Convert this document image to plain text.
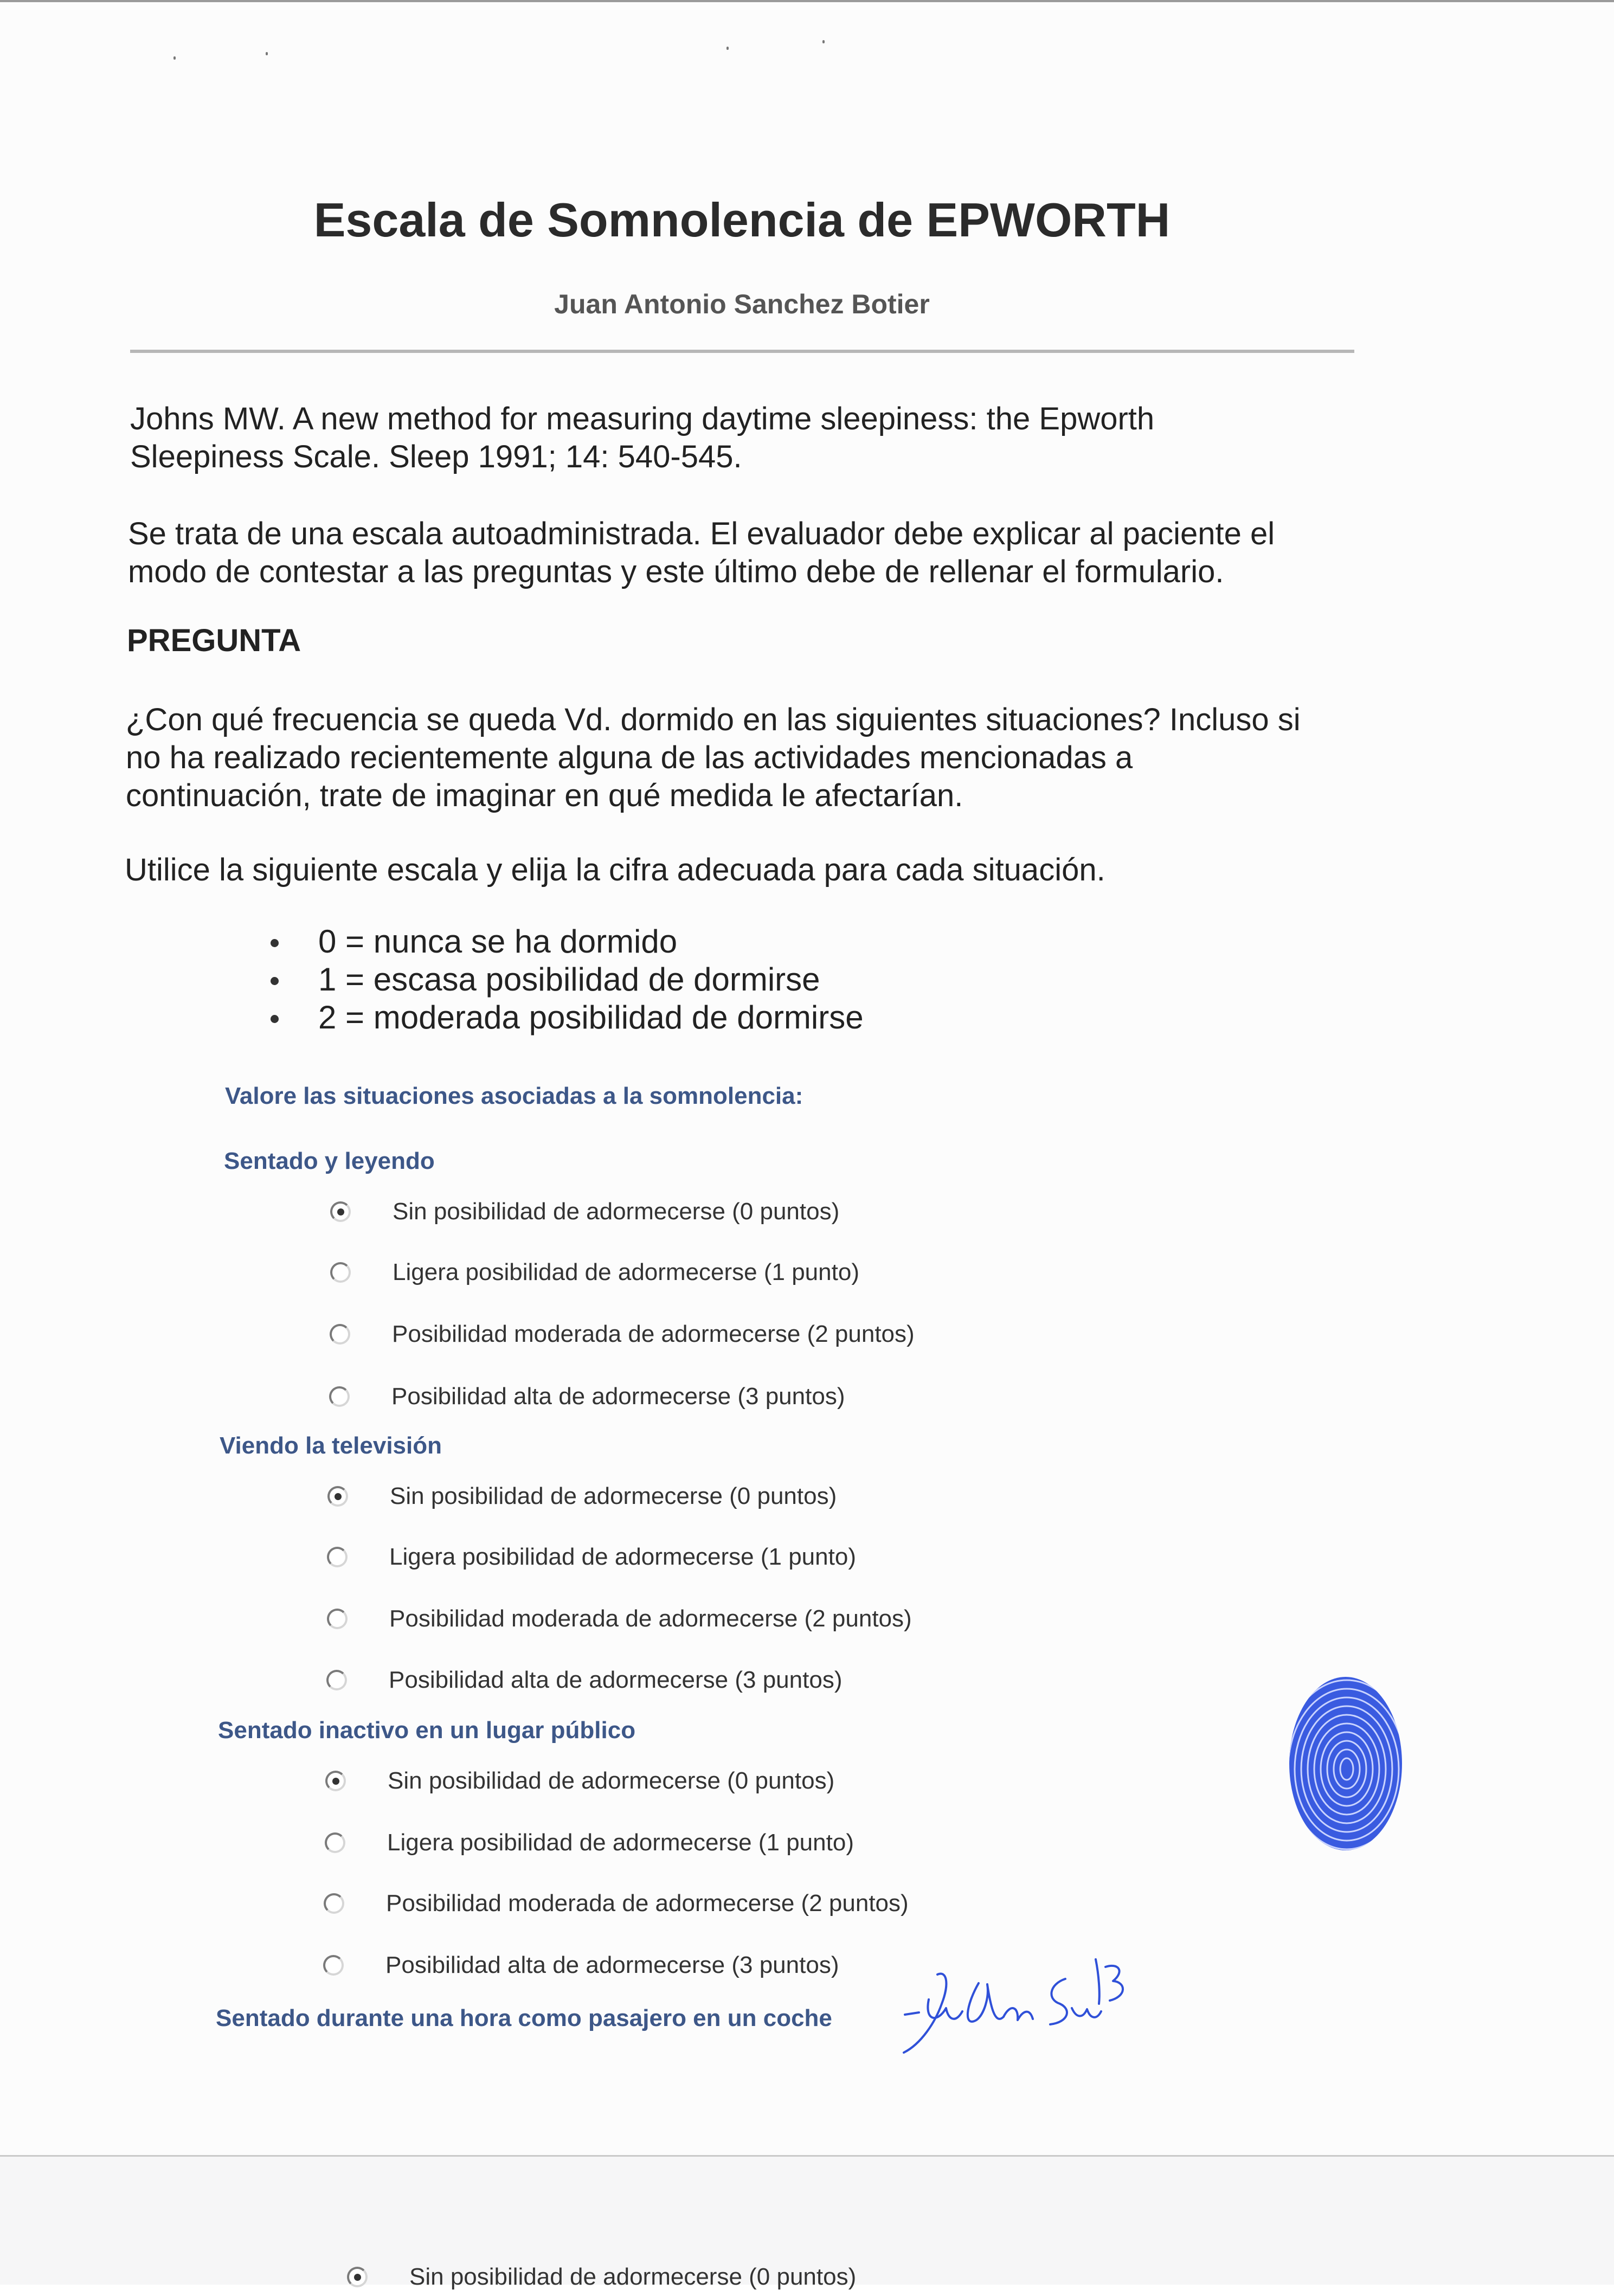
Escala de Somnolencia de EPWORTH
Juan Antonio Sanchez Botier
Johns MW. A new method for measuring daytime sleepiness: the Epworth
Sleepiness Scale. Sleep 1991; 14: 540-545.
Se trata de una escala autoadministrada. El evaluador debe explicar al paciente el
modo de contestar a las preguntas y este último debe de rellenar el formulario.
PREGUNTA
¿Con qué frecuencia se queda Vd. dormido en las siguientes situaciones? Incluso si
no ha realizado recientemente alguna de las actividades mencionadas a
continuación, trate de imaginar en qué medida le afectarían.
Utilice la siguiente escala y elija la cifra adecuada para cada situación.
0 = nunca se ha dormido
1 = escasa posibilidad de dormirse
2 = moderada posibilidad de dormirse
Valore las situaciones asociadas a la somnolencia:
Sentado y leyendo
Sin posibilidad de adormecerse (0 puntos)
Ligera posibilidad de adormecerse (1 punto)
Posibilidad moderada de adormecerse (2 puntos)
Posibilidad alta de adormecerse (3 puntos)
Viendo la televisión
Sin posibilidad de adormecerse (0 puntos)
Ligera posibilidad de adormecerse (1 punto)
Posibilidad moderada de adormecerse (2 puntos)
Posibilidad alta de adormecerse (3 puntos)
Sentado inactivo en un lugar público
Sin posibilidad de adormecerse (0 puntos)
Ligera posibilidad de adormecerse (1 punto)
Posibilidad moderada de adormecerse (2 puntos)
Posibilidad alta de adormecerse (3 puntos)
Sentado durante una hora como pasajero en un coche
Sin posibilidad de adormecerse (0 puntos)
